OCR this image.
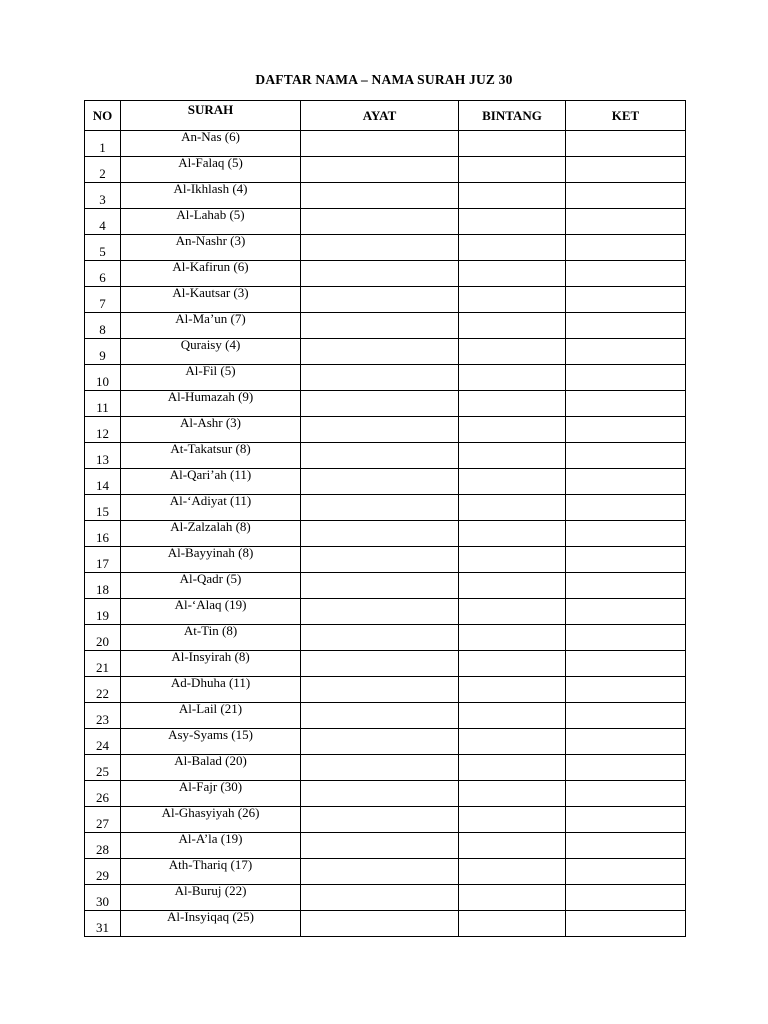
DAFTAR NAMA – NAMA SURAH JUZ 30
NO	SURAH	AYAT	BINTANG	KET
1	An-Nas (6)			
2	Al-Falaq (5)			
3	Al-Ikhlash (4)			
4	Al-Lahab (5)			
5	An-Nashr (3)			
6	Al-Kafirun (6)			
7	Al-Kautsar (3)			
8	Al-Ma’un (7)			
9	Quraisy (4)			
10	Al-Fil (5)			
11	Al-Humazah (9)			
12	Al-Ashr (3)			
13	At-Takatsur (8)			
14	Al-Qari’ah (11)			
15	Al-‘Adiyat (11)			
16	Al-Zalzalah (8)			
17	Al-Bayyinah (8)			
18	Al-Qadr (5)			
19	Al-‘Alaq (19)			
20	At-Tin (8)			
21	Al-Insyirah (8)			
22	Ad-Dhuha (11)			
23	Al-Lail (21)			
24	Asy-Syams (15)			
25	Al-Balad (20)			
26	Al-Fajr (30)			
27	Al-Ghasyiyah (26)			
28	Al-A’la (19)			
29	Ath-Thariq (17)			
30	Al-Buruj (22)			
31	Al-Insyiqaq (25)			
